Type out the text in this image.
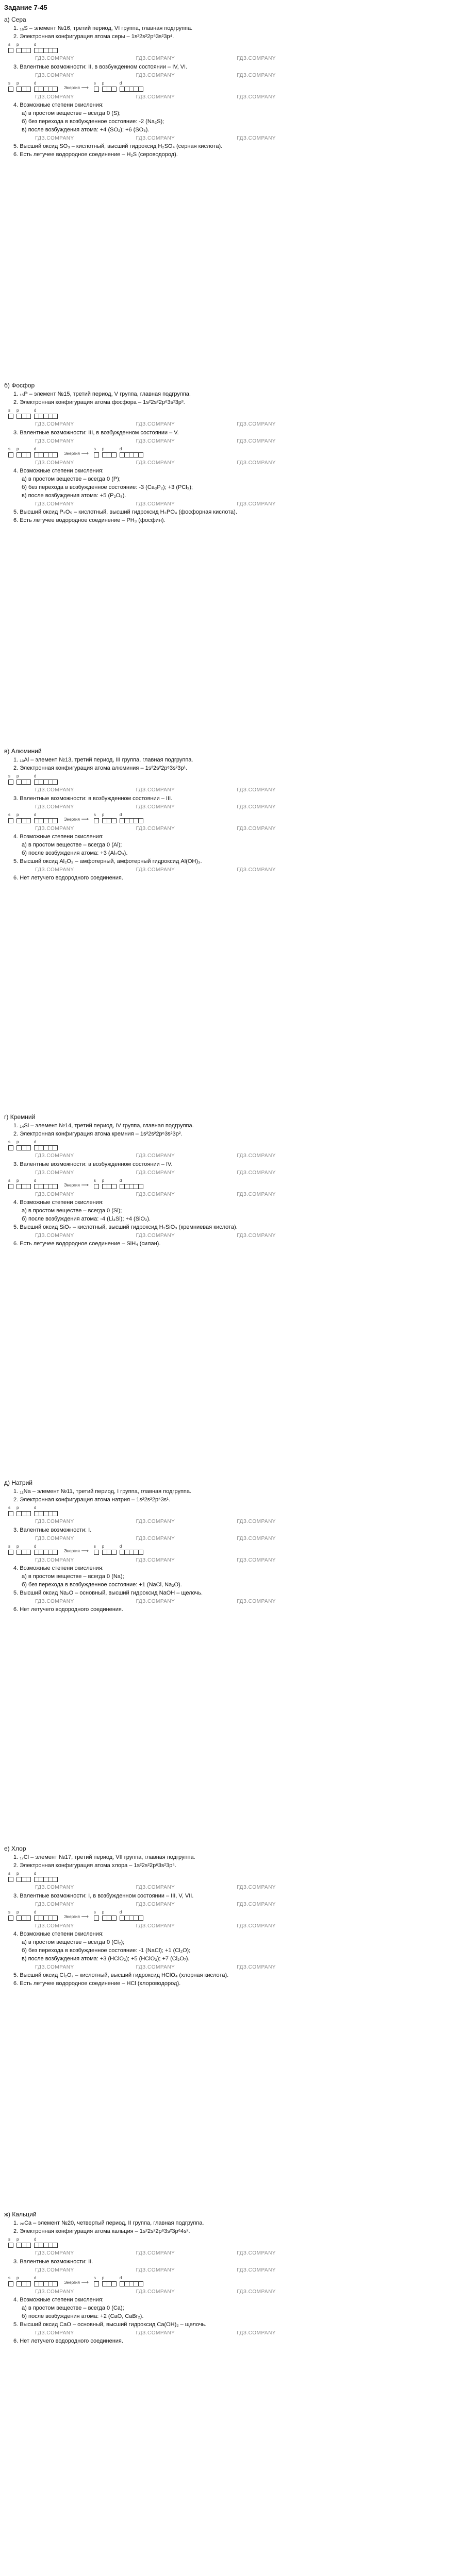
Задание 7-45
а) Сера
1. ₁₆S – элемент №16, третий период, VI группа, главная подгруппа.
2. Электронная конфигурация атома серы – 1s²2s²2p⁶3s²3p⁴.
s p	d
ГДЗ.COMPANY	ГДЗ.COMPANY	ГДЗ.COMPANY
3. Валентные возможности: II, в возбужденном состоянии – IV, VI.
ГДЗ.COMPANY	ГДЗ.COMPANY	ГДЗ.COMPANY
s p	d
Энергия ⟶
s p	d
ГДЗ.COMPANY	ГДЗ.COMPANY	ГДЗ.COMPANY
4. Возможные степени окисления:
а) в простом веществе – всегда 0 (S);
б) без перехода в возбужденное состояние: -2 (Na₂S);
в) после возбуждения атома: +4 (SO₂); +6 (SO₃).
ГДЗ.COMPANY	ГДЗ.COMPANY	ГДЗ.COMPANY
5. Высший оксид SO₃ – кислотный, высший гидроксид H₂SO₄ (серная кислота).
6. Есть летучее водородное соединение – H₂S (сероводород).
б) Фосфор
1. ₁₅P – элемент №15, третий период, V группа, главная подгруппа.
2. Электронная конфигурация атома фосфора – 1s²2s²2p⁶3s²3p³.
s p	d
ГДЗ.COMPANY	ГДЗ.COMPANY	ГДЗ.COMPANY
3. Валентные возможности: III, в возбужденном состоянии – V.
ГДЗ.COMPANY	ГДЗ.COMPANY	ГДЗ.COMPANY
s p	d
Энергия ⟶
s p	d
ГДЗ.COMPANY	ГДЗ.COMPANY	ГДЗ.COMPANY
4. Возможные степени окисления:
а) в простом веществе – всегда 0 (P);
б) без перехода в возбужденное состояние: -3 (Ca₃P₂); +3 (PCl₃);
в) после возбуждения атома: +5 (P₂O₅).
ГДЗ.COMPANY	ГДЗ.COMPANY	ГДЗ.COMPANY
5. Высший оксид P₂O₅ – кислотный, высший гидроксид H₃PO₄ (фосфорная кислота).
6. Есть летучее водородное соединение – PH₃ (фосфин).
в) Алюминий
1. ₁₃Al – элемент №13, третий период, III группа, главная подгруппа.
2. Электронная конфигурация атома алюминия – 1s²2s²2p⁶3s²3p¹.
s p	d
ГДЗ.COMPANY	ГДЗ.COMPANY	ГДЗ.COMPANY
3. Валентные возможности: в возбужденном состоянии – III.
ГДЗ.COMPANY	ГДЗ.COMPANY	ГДЗ.COMPANY
s p	d
Энергия ⟶
s p	d
ГДЗ.COMPANY	ГДЗ.COMPANY	ГДЗ.COMPANY
4. Возможные степени окисления:
а) в простом веществе – всегда 0 (Al);
б) после возбуждения атома: +3 (Al₂O₃).
5. Высший оксид Al₂O₃ – амфотерный, амфотерный гидроксид Al(OH)₃.
ГДЗ.COMPANY	ГДЗ.COMPANY	ГДЗ.COMPANY
6. Нет летучего водородного соединения.
г) Кремний
1. ₁₄Si – элемент №14, третий период, IV группа, главная подгруппа.
2. Электронная конфигурация атома кремния – 1s²2s²2p⁶3s²3p².
s p	d
ГДЗ.COMPANY	ГДЗ.COMPANY	ГДЗ.COMPANY
3. Валентные возможности: в возбужденном состоянии – IV.
ГДЗ.COMPANY	ГДЗ.COMPANY	ГДЗ.COMPANY
s p	d
Энергия ⟶
s p	d
ГДЗ.COMPANY	ГДЗ.COMPANY	ГДЗ.COMPANY
4. Возможные степени окисления:
а) в простом веществе – всегда 0 (Si);
б) после возбуждения атома: -4 (Li₄Si); +4 (SiO₂).
5. Высший оксид SiO₂ – кислотный, высший гидроксид H₂SiO₃ (кремниевая кислота).
ГДЗ.COMPANY	ГДЗ.COMPANY	ГДЗ.COMPANY
6. Есть летучее водородное соединение – SiH₄ (силан).
д) Натрий
1. ₁₁Na – элемент №11, третий период, I группа, главная подгруппа.
2. Электронная конфигурация атома натрия – 1s²2s²2p⁶3s¹.
s p	d
ГДЗ.COMPANY	ГДЗ.COMPANY	ГДЗ.COMPANY
3. Валентные возможности: I.
ГДЗ.COMPANY	ГДЗ.COMPANY	ГДЗ.COMPANY
s p	d
Энергия ⟶
s p	d
ГДЗ.COMPANY	ГДЗ.COMPANY	ГДЗ.COMPANY
4. Возможные степени окисления:
а) в простом веществе – всегда 0 (Na);
б) без перехода в возбужденное состояние: +1 (NaCl, Na₂O).
5. Высший оксид Na₂O – основный, высший гидроксид NaOH – щелочь.
ГДЗ.COMPANY	ГДЗ.COMPANY	ГДЗ.COMPANY
6. Нет летучего водородного соединения.
е) Хлор
1. ₁₇Cl – элемент №17, третий период, VII группа, главная подгруппа.
2. Электронная конфигурация атома хлора – 1s²2s²2p⁶3s²3p⁵.
s p	d
ГДЗ.COMPANY	ГДЗ.COMPANY	ГДЗ.COMPANY
3. Валентные возможности: I, в возбужденном состоянии – III, V, VII.
ГДЗ.COMPANY	ГДЗ.COMPANY	ГДЗ.COMPANY
s p	d
Энергия ⟶
s p	d
ГДЗ.COMPANY	ГДЗ.COMPANY	ГДЗ.COMPANY
4. Возможные степени окисления:
а) в простом веществе – всегда 0 (Cl₂);
б) без перехода в возбужденное состояние: -1 (NaCl); +1 (Cl₂O);
в) после возбуждения атома: +3 (HClO₂); +5 (HClO₃); +7 (Cl₂O₇).
ГДЗ.COMPANY	ГДЗ.COMPANY	ГДЗ.COMPANY
5. Высший оксид Cl₂O₇ – кислотный, высший гидроксид HClO₄ (хлорная кислота).
6. Есть летучее водородное соединение – HCl (хлороводород).
ж) Кальций
1. ₂₀Ca – элемент №20, четвертый период, II группа, главная подгруппа.
2. Электронная конфигурация атома кальция – 1s²2s²2p⁶3s²3p⁶4s².
s p	d
ГДЗ.COMPANY	ГДЗ.COMPANY	ГДЗ.COMPANY
3. Валентные возможности: II.
ГДЗ.COMPANY	ГДЗ.COMPANY	ГДЗ.COMPANY
s p	d
Энергия ⟶
s p	d
ГДЗ.COMPANY	ГДЗ.COMPANY	ГДЗ.COMPANY
4. Возможные степени окисления:
а) в простом веществе – всегда 0 (Ca);
б) после возбуждения атома: +2 (CaO, CaBr₂).
5. Высший оксид CaO – основный, высший гидроксид Ca(OH)₂ – щелочь.
ГДЗ.COMPANY	ГДЗ.COMPANY	ГДЗ.COMPANY
6. Нет летучего водородного соединения.
